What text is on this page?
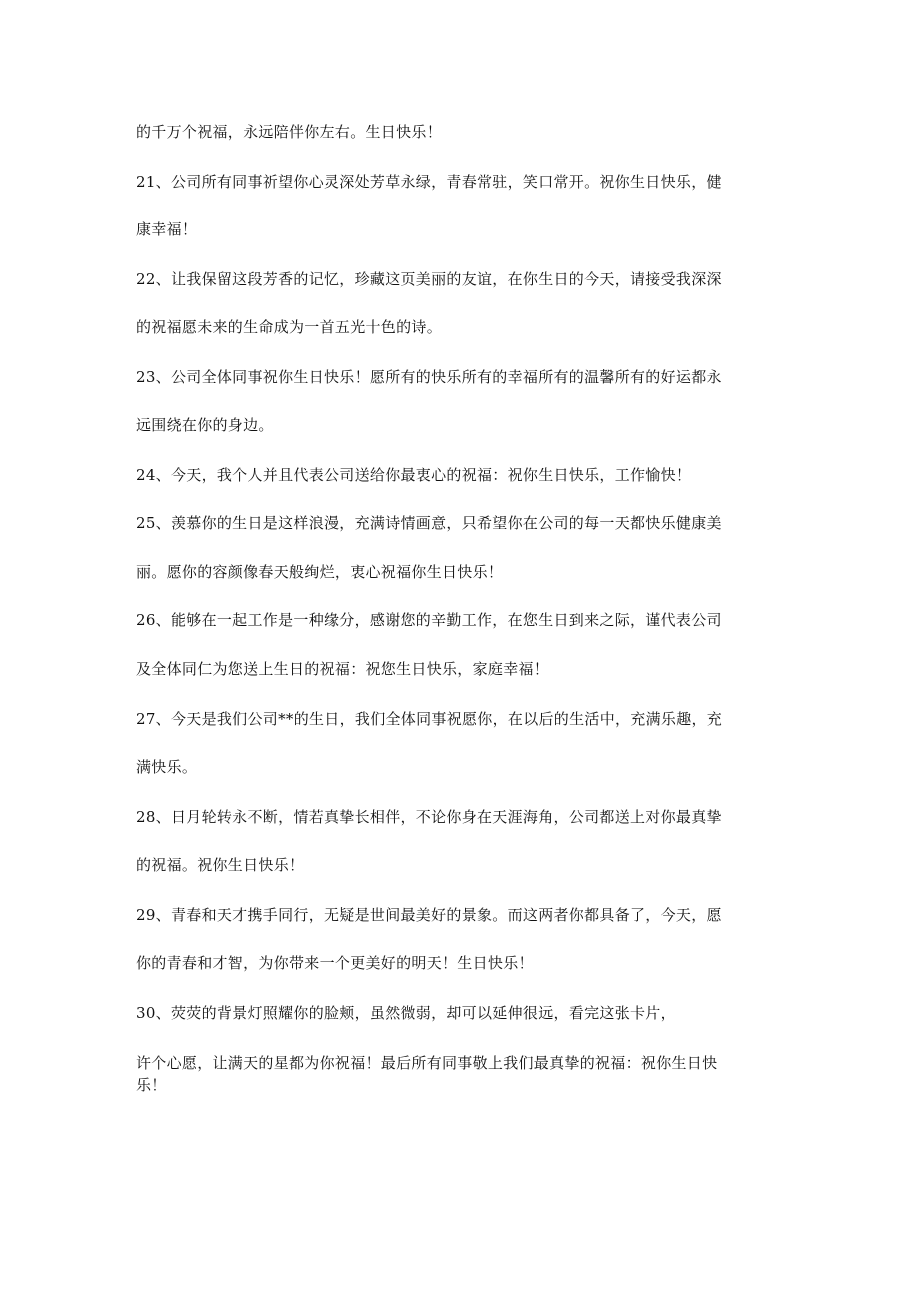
的千万个祝福，永远陪伴你左右。生日快乐！
21、公司所有同事祈望你心灵深处芳草永绿，青春常驻，笑口常开。祝你生日快乐，健
康幸福！
22、让我保留这段芳香的记忆，珍藏这页美丽的友谊，在你生日的今天，请接受我深深
的祝福愿未来的生命成为一首五光十色的诗。
23、公司全体同事祝你生日快乐！愿所有的快乐所有的幸福所有的温馨所有的好运都永
远围绕在你的身边。
24、今天，我个人并且代表公司送给你最衷心的祝福：祝你生日快乐，工作愉快！
25、羡慕你的生日是这样浪漫，充满诗情画意，只希望你在公司的每一天都快乐健康美
丽。愿你的容颜像春天般绚烂，衷心祝福你生日快乐！
26、能够在一起工作是一种缘分，感谢您的辛勤工作，在您生日到来之际，谨代表公司
及全体同仁为您送上生日的祝福：祝您生日快乐，家庭幸福！
27、今天是我们公司**的生日，我们全体同事祝愿你，在以后的生活中，充满乐趣，充
满快乐。
28、日月轮转永不断，情若真挚长相伴，不论你身在天涯海角，公司都送上对你最真挚
的祝福。祝你生日快乐！
29、青春和天才携手同行，无疑是世间最美好的景象。而这两者你都具备了，今天，愿
你的青春和才智，为你带来一个更美好的明天！生日快乐！
30、荧荧的背景灯照耀你的脸颊，虽然微弱，却可以延伸很远，看完这张卡片，
许个心愿，让满天的星都为你祝福！最后所有同事敬上我们最真挚的祝福：祝你生日快
乐！
